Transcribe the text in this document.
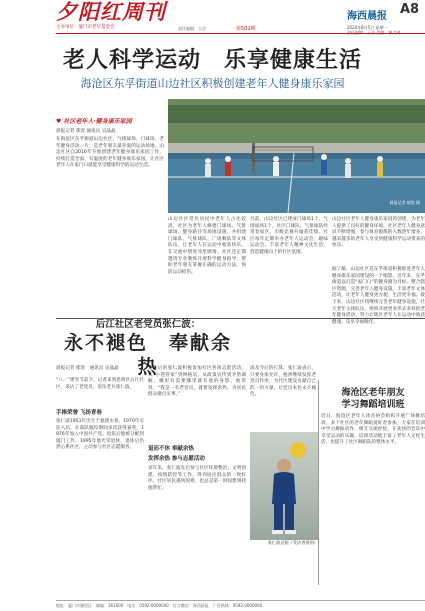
夕阳红周刊
主办单位：厦门市老年基金会	责任编辑：王洁	第502期
海西晨报	A8
2024年8月5日 星期一
老人科学运动　乐享健康生活
海沧区东孚街道山边社区积极创建老年人健身康乐家园
♥ 社区老年人·健身康乐家园
晨报记者 郁容 摄
晨报记者 郁容 通讯员 吴晶晶
在海沧区东孚街道山边社区，气排球场、门球场、老年健身活动一片，是老年朋友最喜爱的运动场地。山边社区自2016年开始创建老年健身康乐家园工作，持续打造全面、有温度的老年健身康乐家园，让社区老年人在家门口就能享受健康科学的运动生活。
山边社区常住居民中老年人占比较高，社区为老年人修建门球场、气排球场、健身路径等场地设施，并组建门球队、气排球队、广场舞队等文体队伍，让老年人在运动中收获快乐，在交流中增进邻里感情。社区还定期邀请专业教练开展科学健身指导，帮助老年朋友掌握正确的运动方法，预防运动损伤。
目前，山边社区已建成门球场1个、气排球场1个，社区门球队、气排球队经常参加区、市级比赛并屡获佳绩。社区每年定期举办老年人运动会、趣味运动会，丰富老年人精神文化生活，营造健康向上的社区氛围。
山边社区老年人健身康乐家园的创建，为老年人提供了良好的健身环境，社区老年人健身意识不断增强，参与体育锻炼的人数逐年增多，越来越多的老年人享受到健康科学运动带来的快乐。
据了解，山边社区是东孚街道积极推进老年人健身康乐家园建设的一个缩影。近年来，东孚街道以打造“家门口”的健身圈为目标，整合辖区资源，完善老年人健身设施，丰富老年文体活动，让老年人健身更方便、生活更幸福。接下来，山边社区将继续完善老年健身设施，壮大老年文体队伍，组织开展更多形式多样的老年健身活动，努力让辖区老年人在运动中收获健康，乐享幸福晚年。
后江社区老党员张仁波：
永不褪色　奉献余热
晨报记者 郁容　通讯员 吴晶晶
“八一”建军节前夕，记者来到思明区后江社区，采访了老党员、退伍老兵张仁波。
手捧荣誉 飞扬青春
张仁波1951年出生于福建永春，1970年应征入伍，在部队服役期间多次获得嘉奖，1976年加入中国共产党。退伍后他被分配到厦门工作，1995年他光荣退休，退休后仍然心系社区，主动参与社区志愿服务。
退休后的张仁波积极参加社区各项志愿活动，从“小巷管家”到网格员，从政策宣传到矛盾调解，哪里有需要哪里就有他的身影。他常说：“我是一名老党员，就要发挥余热，为居民群众做点实事。”
退而不休 奉献余热
发挥余热 参与志愿活动
多年来，张仁波先后参与社区环境整治、文明创建、疫情防控等工作，得到居民群众的一致好评。社区居民遇到困难，也总是第一时间想到找他帮忙。
谈及今后的打算，张仁波表示，只要身体允许，他将继续发挥老党员作用，为社区建设贡献自己的一份力量，让党员本色永不褪色。
张仁波近照（受访者供图）
海沧区老年朋友
学习舞蹈培训班
近日，海沧区老年人体育协会组织开展广场舞培训，多个社区的老年舞蹈爱好者参加，大家在培训中学习舞蹈动作，相互交流经验，在欢快的音乐中享受运动的乐趣。培训活动既丰富了老年人文化生活，也提升了社区舞蹈队的整体水平。
地址：厦门市湖里区　邮编：361000　电话：0592-0000000　官方微信：海西晨报　广告热线：0592-0000000
